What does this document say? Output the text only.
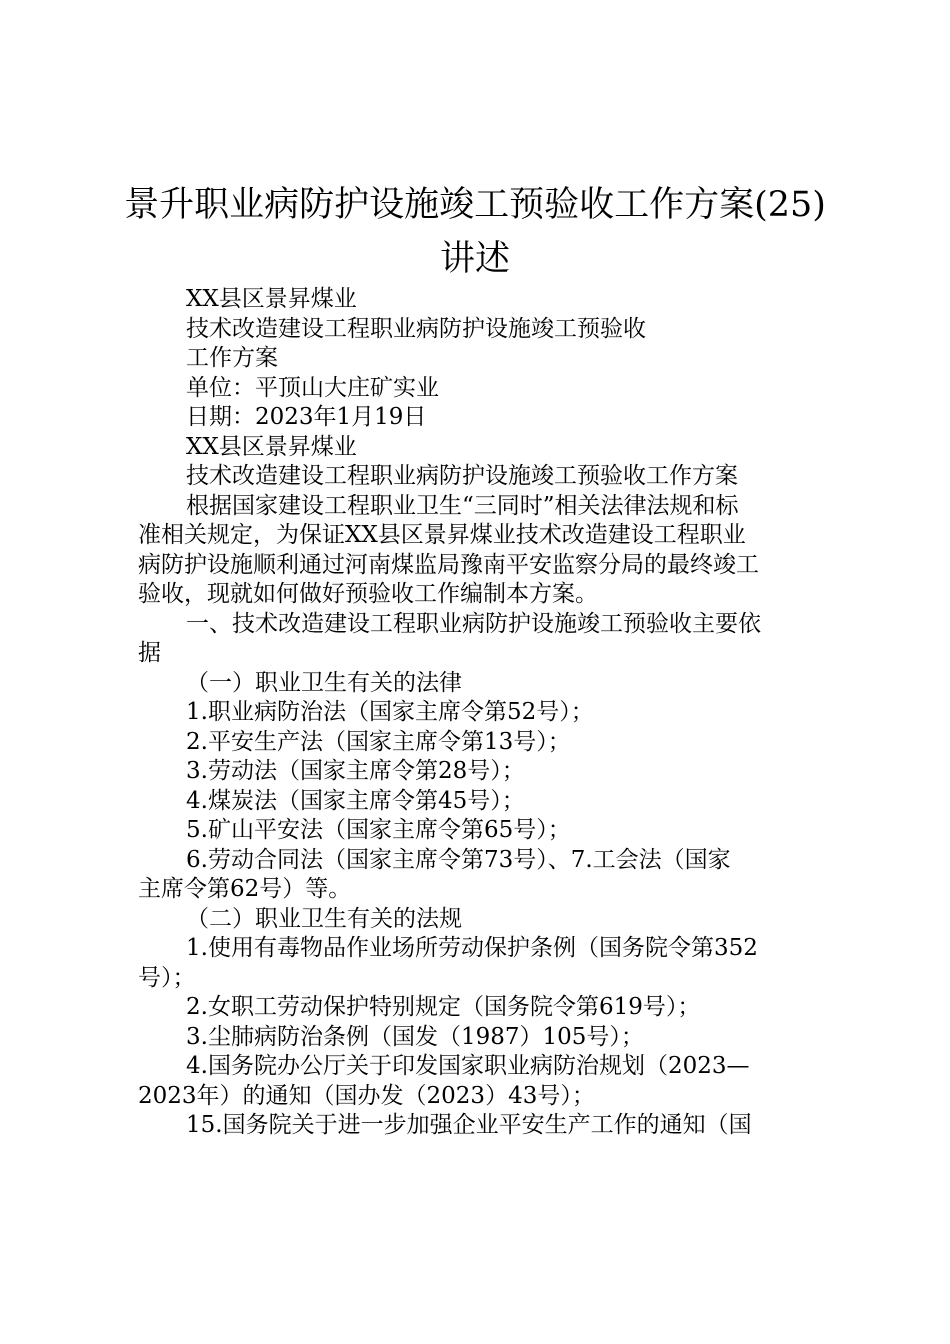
景升职业病防护设施竣工预验收工作方案(25)
讲述
XX县区景昇煤业
技术改造建设工程职业病防护设施竣工预验收
工作方案
单位：平顶山大庄矿实业
日期：2023年1月19日
XX县区景昇煤业
技术改造建设工程职业病防护设施竣工预验收工作方案
根据国家建设工程职业卫生“三同时”相关法律法规和标
准相关规定，为保证XX县区景昇煤业技术改造建设工程职业
病防护设施顺利通过河南煤监局豫南平安监察分局的最终竣工
验收，现就如何做好预验收工作编制本方案。
一、技术改造建设工程职业病防护设施竣工预验收主要依
据
（一）职业卫生有关的法律
1.职业病防治法（国家主席令第52号）；
2.平安生产法（国家主席令第13号）；
3.劳动法（国家主席令第28号）；
4.煤炭法（国家主席令第45号）；
5.矿山平安法（国家主席令第65号）；
6.劳动合同法（国家主席令第73号）、7.工会法（国家
主席令第62号）等。
（二）职业卫生有关的法规
1.使用有毒物品作业场所劳动保护条例（国务院令第352
号）；
2.女职工劳动保护特别规定（国务院令第619号）；
3.尘肺病防治条例（国发（1987）105号）；
4.国务院办公厅关于印发国家职业病防治规划（2023—
2023年）的通知（国办发（2023）43号）；
15.国务院关于进一步加强企业平安生产工作的通知（国
